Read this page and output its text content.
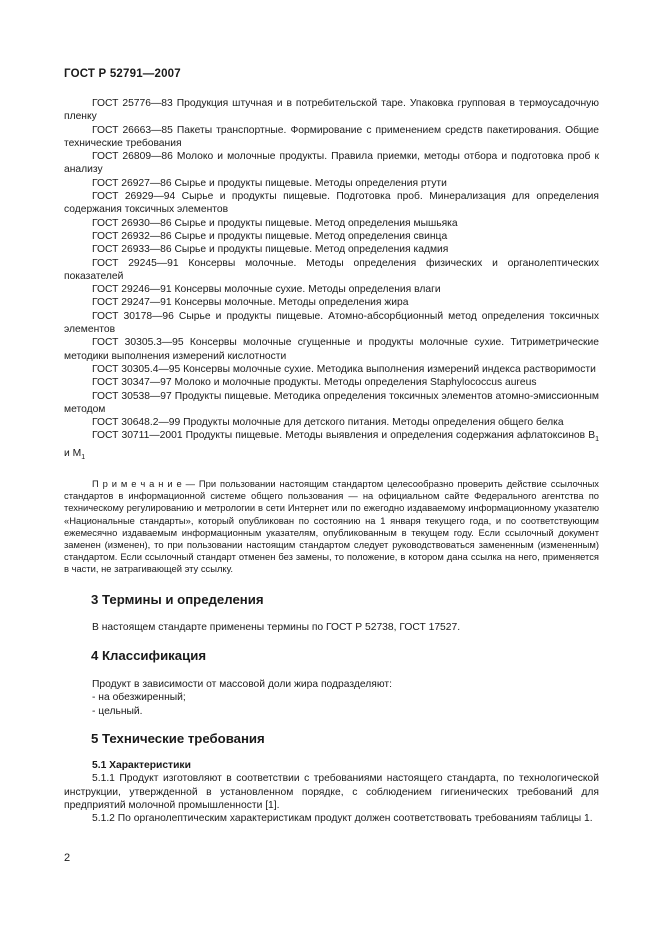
ГОСТ Р 52791—2007
ГОСТ 25776—83 Продукция штучная и в потребительской таре. Упаковка групповая в термоусадочную пленку
ГОСТ 26663—85 Пакеты транспортные. Формирование с применением средств пакетирования. Общие технические требования
ГОСТ 26809—86 Молоко и молочные продукты. Правила приемки, методы отбора и подготовка проб к анализу
ГОСТ 26927—86 Сырье и продукты пищевые. Методы определения ртути
ГОСТ 26929—94 Сырье и продукты пищевые. Подготовка проб. Минерализация для определения содержания токсичных элементов
ГОСТ 26930—86 Сырье и продукты пищевые. Метод определения мышьяка
ГОСТ 26932—86 Сырье и продукты пищевые. Метод определения свинца
ГОСТ 26933—86 Сырье и продукты пищевые. Метод определения кадмия
ГОСТ 29245—91 Консервы молочные. Методы определения физических и органолептических показателей
ГОСТ 29246—91 Консервы молочные сухие. Методы определения влаги
ГОСТ 29247—91 Консервы молочные. Методы определения жира
ГОСТ 30178—96 Сырье и продукты пищевые. Атомно-абсорбционный метод определения токсичных элементов
ГОСТ 30305.3—95 Консервы молочные сгущенные и продукты молочные сухие. Титриметрические методики выполнения измерений кислотности
ГОСТ 30305.4—95 Консервы молочные сухие. Методика выполнения измерений индекса растворимости
ГОСТ 30347—97 Молоко и молочные продукты. Методы определения Staphylococcus aureus
ГОСТ 30538—97 Продукты пищевые. Методика определения токсичных элементов атомно-эмиссионным методом
ГОСТ 30648.2—99 Продукты молочные для детского питания. Методы определения общего белка
ГОСТ 30711—2001 Продукты пищевые. Методы выявления и определения содержания афлатоксинов $В_1$ и $М_1$
П р и м е ч а н и е — При пользовании настоящим стандартом целесообразно проверить действие ссылочных стандартов в информационной системе общего пользования — на официальном сайте Федерального агентства по техническому регулированию и метрологии в сети Интернет или по ежегодно издаваемому информационному указателю «Национальные стандарты», который опубликован по состоянию на 1 января текущего года, и по соответствующим ежемесячно издаваемым информационным указателям, опубликованным в текущем году. Если ссылочный документ заменен (изменен), то при пользовании настоящим стандартом следует руководствоваться замененным (измененным) стандартом. Если ссылочный стандарт отменен без замены, то положение, в котором дана ссылка на него, применяется в части, не затрагивающей эту ссылку.
3 Термины и определения
В настоящем стандарте применены термины по ГОСТ Р 52738, ГОСТ 17527.
4 Классификация
Продукт в зависимости от массовой доли жира подразделяют:
- на обезжиренный;
- цельный.
5 Технические требования
5.1 Характеристики
5.1.1 Продукт изготовляют в соответствии с требованиями настоящего стандарта, по технологической инструкции, утвержденной в установленном порядке, с соблюдением гигиенических требований для предприятий молочной промышленности [1].
5.1.2 По органолептическим характеристикам продукт должен соответствовать требованиям таблицы 1.
2
